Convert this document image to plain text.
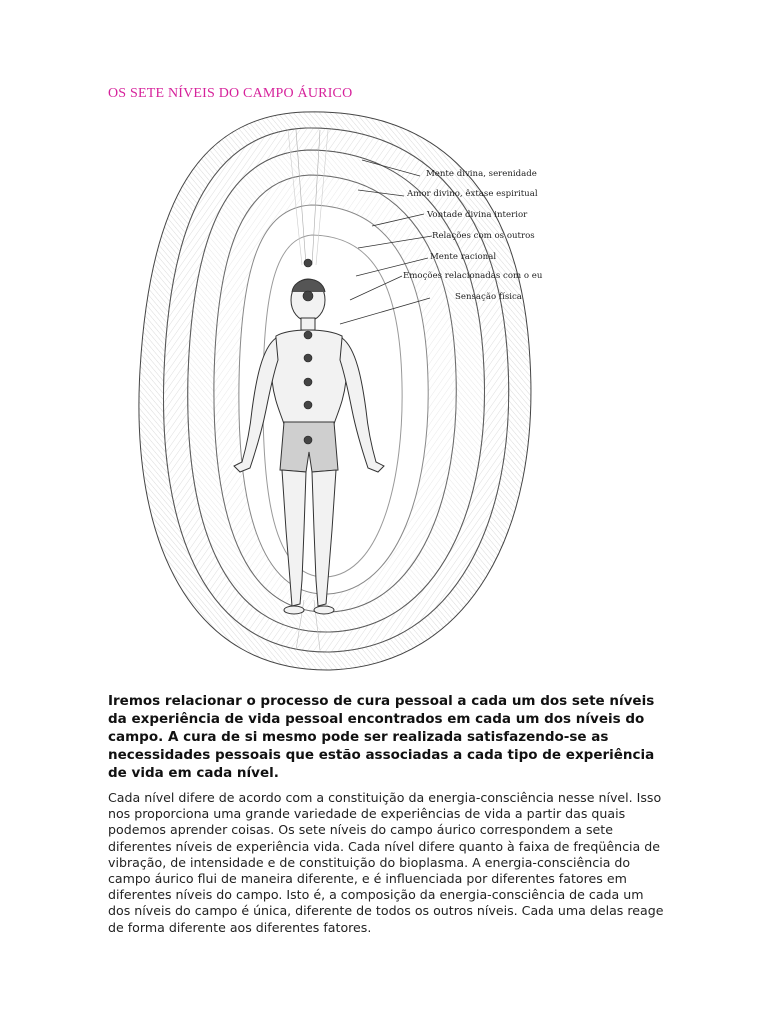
OS SETE NÍVEIS DO CAMPO ÁURICO
Mente divina, serenidade
Amor divino, êxtase espiritual
Vontade divina interior
Relações com os outros
Mente racional
Emoções relacionadas com o eu
Sensação física

Iremos relacionar o processo de cura pessoal a cada um dos sete níveis da experiência de vida pessoal encontrados em cada um dos níveis do campo. A cura de si mesmo pode ser realizada satisfazendo-se as necessidades pessoais que estão associadas a cada tipo de experiência de vida em cada nível.

Cada nível difere de acordo com a constituição da energia-consciência nesse nível. Isso nos proporciona uma grande variedade de experiências de vida a partir das quais podemos aprender coisas. Os sete níveis do campo áurico correspondem a sete diferentes níveis de experiência vida. Cada nível difere quanto à faixa de freqüência de vibração, de intensidade e de constituição do bioplasma. A energia-consciência do campo áurico flui de maneira diferente, e é influenciada por diferentes fatores em diferentes níveis do campo. Isto é, a composição da energia-consciência de cada um dos níveis do campo é única, diferente de todos os outros níveis. Cada uma delas reage de forma diferente aos diferentes fatores.
